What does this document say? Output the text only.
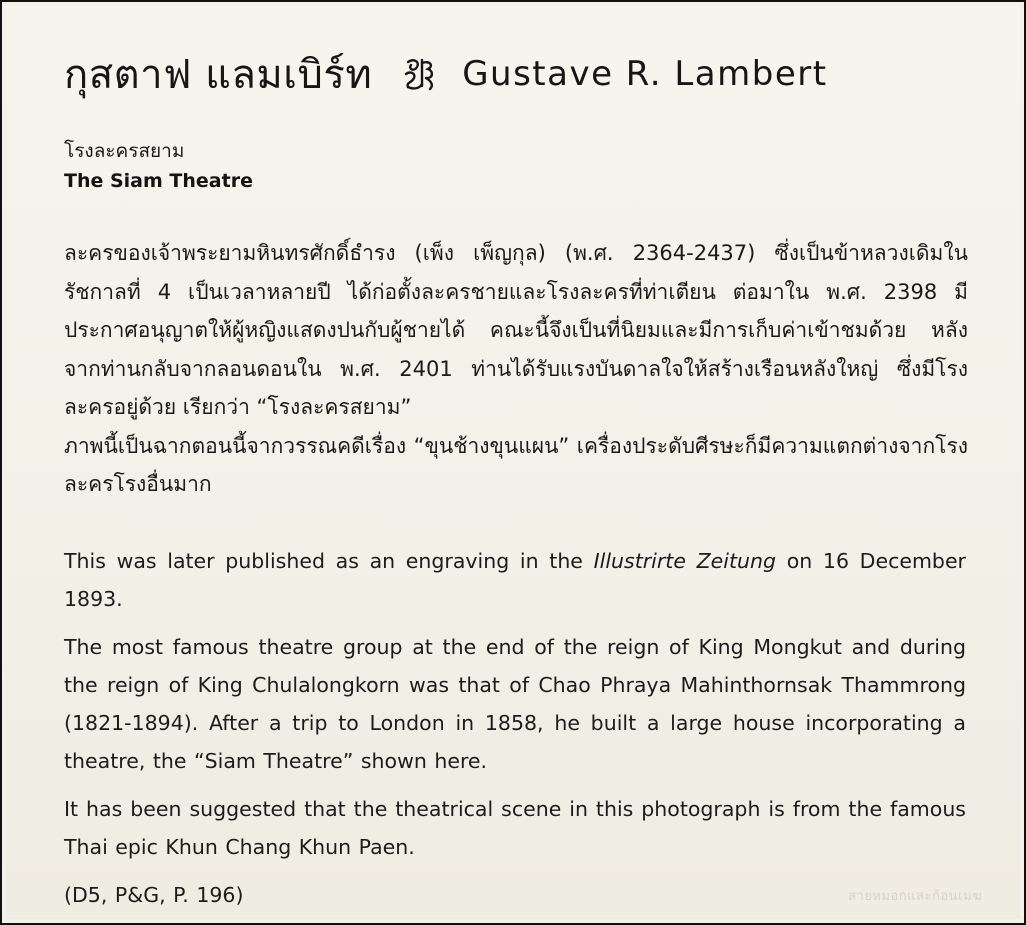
กุสตาฟ แลมเบิร์ท	Gustave R. Lambert
โรงละครสยาม
The Siam Theatre

ละครของเจ้าพระยามหินทรศักดิ์ธำรง (เพ็ง เพ็ญกุล) (พ.ศ. 2364-2437) ซึ่งเป็นข้าหลวงเดิมในรัชกาลที่ 4 เป็นเวลาหลายปี ได้ก่อตั้งละครชายและโรงละครที่ท่าเตียน ต่อมาใน พ.ศ. 2398 มีประกาศอนุญาตให้ผู้หญิงแสดงปนกับผู้ชายได้ คณะนี้จึงเป็นที่นิยมและมีการเก็บค่าเข้าชมด้วย หลังจากท่านกลับจากลอนดอนใน พ.ศ. 2401 ท่านได้รับแรงบันดาลใจให้สร้างเรือนหลังใหญ่ ซึ่งมีโรงละครอยู่ด้วย เรียกว่า “โรงละครสยาม”

ภาพนี้เป็นฉากตอนนี้จากวรรณคดีเรื่อง “ขุนช้างขุนแผน” เครื่องประดับศีรษะก็มีความแตกต่างจากโรงละครโรงอื่นมาก

This was later published as an engraving in the Illustrirte Zeitung on 16 December 1893.

The most famous theatre group at the end of the reign of King Mongkut and during the reign of King Chulalongkorn was that of Chao Phraya Mahinthornsak Thammrong (1821-1894). After a trip to London in 1858, he built a large house incorporating a theatre, the “Siam Theatre” shown here.

It has been suggested that the theatrical scene in this photograph is from the famous Thai epic Khun Chang Khun Paen.

(D5, P&G, P. 196)	สายหมอกและก้อนเมฆ
